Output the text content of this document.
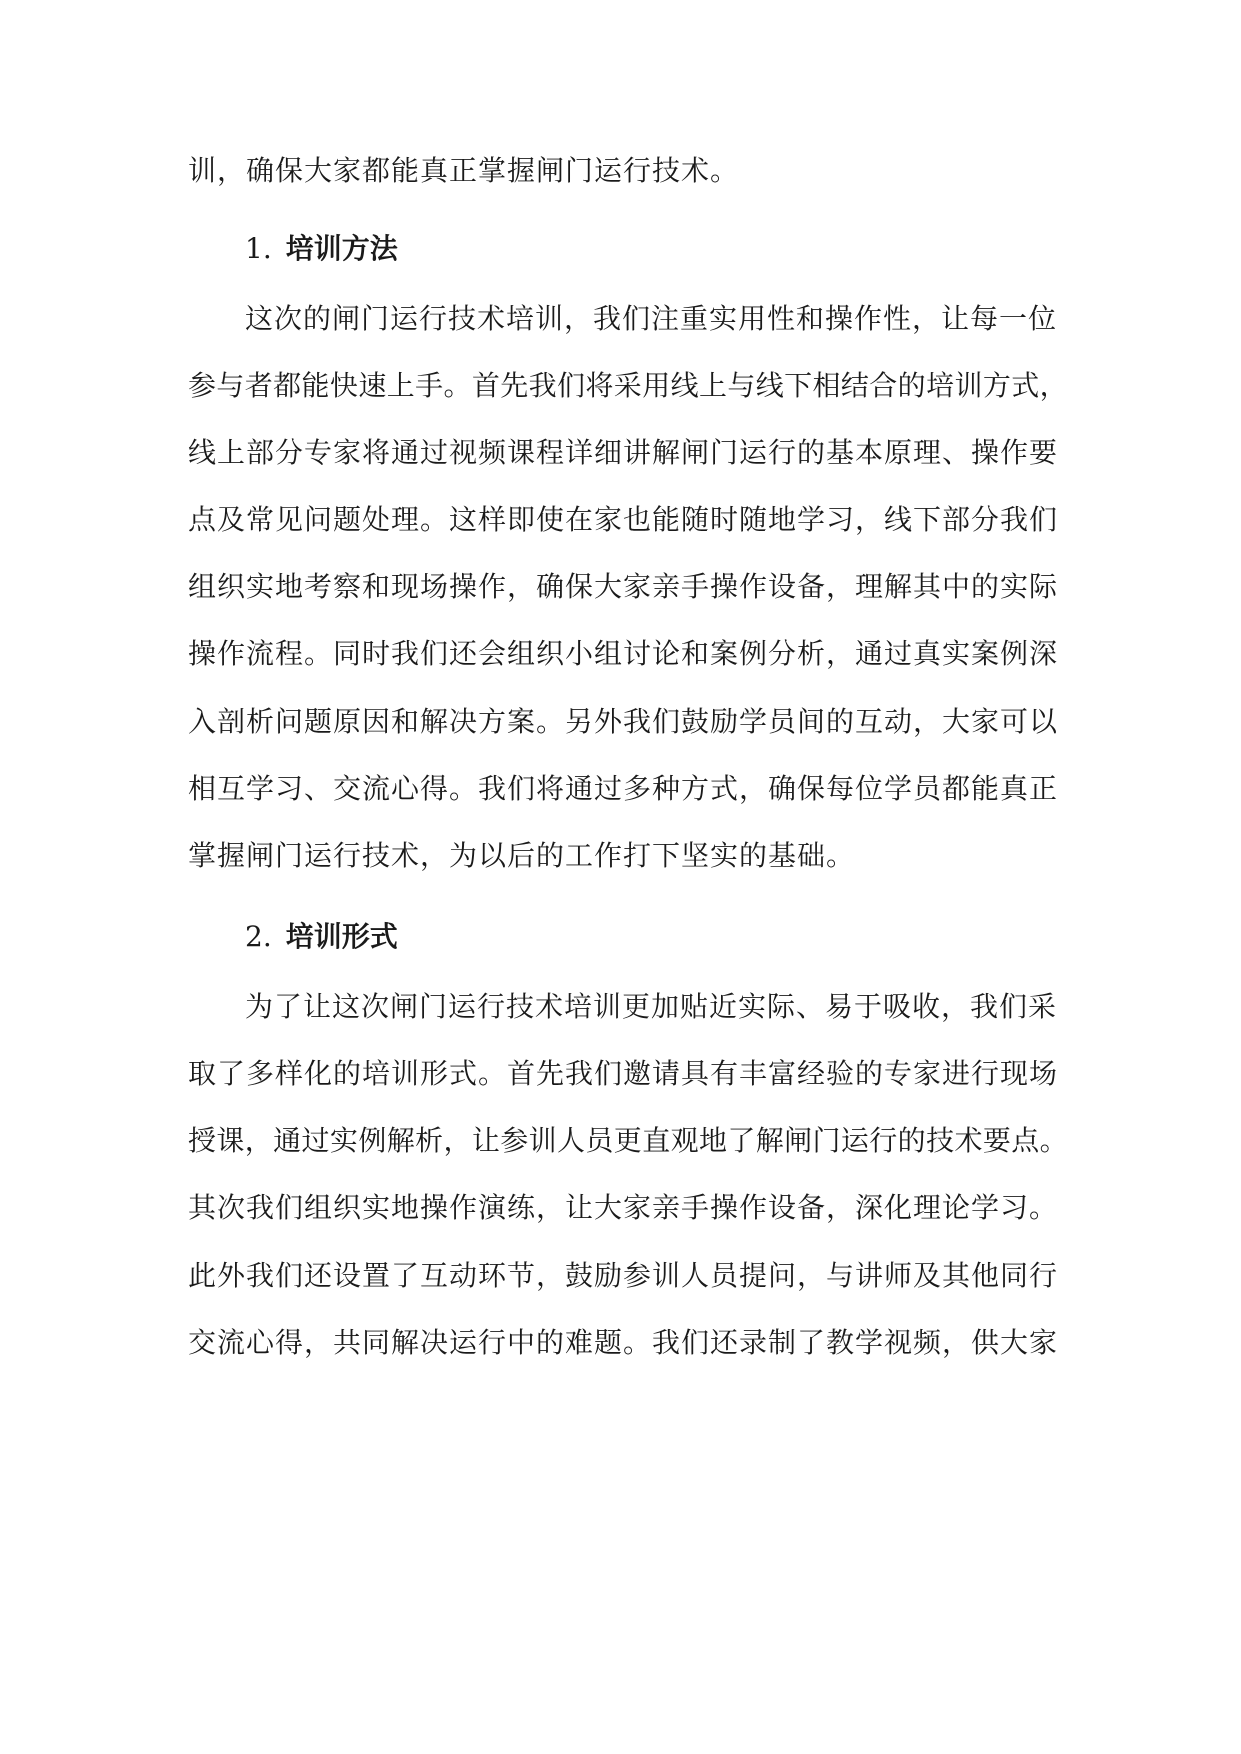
训，确保大家都能真正掌握闸门运行技术。
1. 培训方法
这次的闸门运行技术培训，我们注重实用性和操作性，让每一位
参与者都能快速上手。首先我们将采用线上与线下相结合的培训方式，
线上部分专家将通过视频课程详细讲解闸门运行的基本原理、操作要
点及常见问题处理。这样即使在家也能随时随地学习，线下部分我们
组织实地考察和现场操作，确保大家亲手操作设备，理解其中的实际
操作流程。同时我们还会组织小组讨论和案例分析，通过真实案例深
入剖析问题原因和解决方案。另外我们鼓励学员间的互动，大家可以
相互学习、交流心得。我们将通过多种方式，确保每位学员都能真正
掌握闸门运行技术，为以后的工作打下坚实的基础。
2. 培训形式
为了让这次闸门运行技术培训更加贴近实际、易于吸收，我们采
取了多样化的培训形式。首先我们邀请具有丰富经验的专家进行现场
授课，通过实例解析，让参训人员更直观地了解闸门运行的技术要点。
其次我们组织实地操作演练，让大家亲手操作设备，深化理论学习。
此外我们还设置了互动环节，鼓励参训人员提问，与讲师及其他同行
交流心得，共同解决运行中的难题。我们还录制了教学视频，供大家
